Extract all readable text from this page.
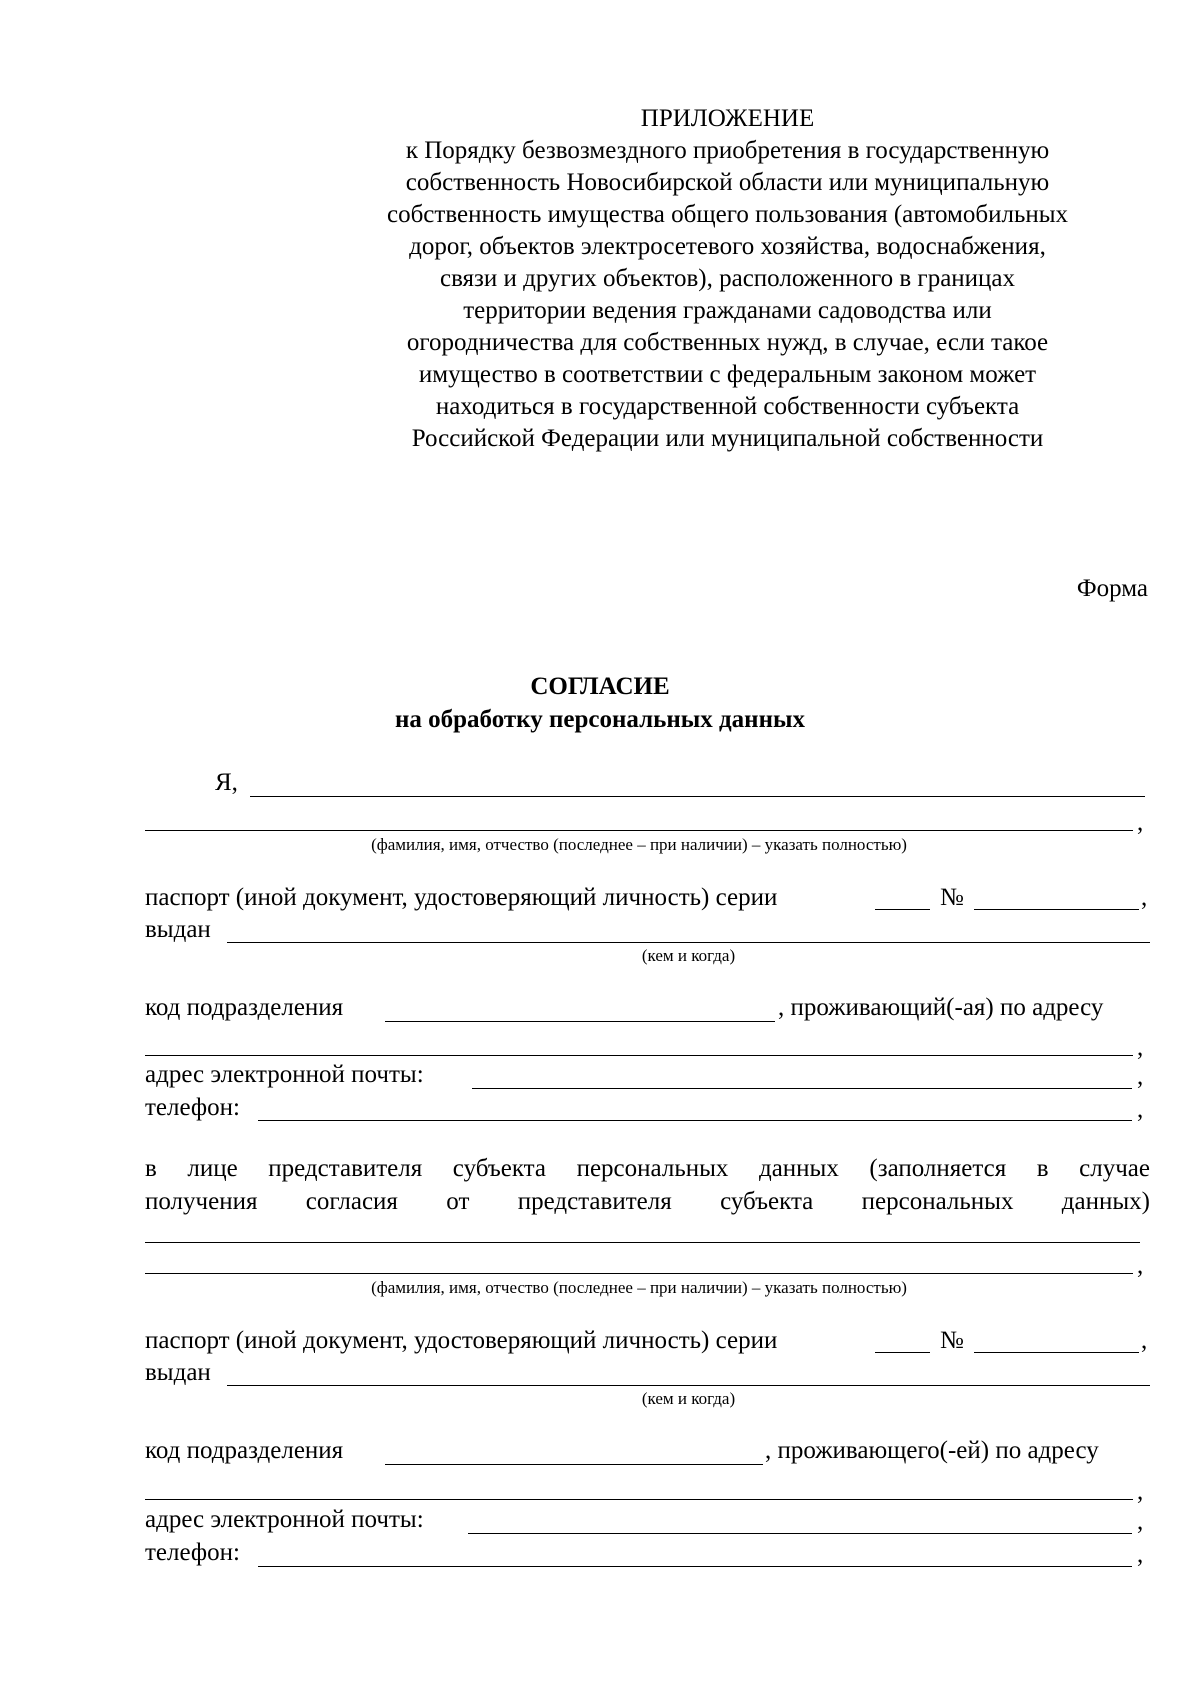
ПРИЛОЖЕНИЕ
к Порядку безвозмездного приобретения в государственную
собственность Новосибирской области или муниципальную
собственность имущества общего пользования (автомобильных
дорог, объектов электросетевого хозяйства, водоснабжения,
связи и других объектов), расположенного в границах
территории ведения гражданами садоводства или
огородничества для собственных нужд, в случае, если такое
имущество в соответствии с федеральным законом может
находиться в государственной собственности субъекта
Российской Федерации или муниципальной собственности
Форма
СОГЛАСИЕ
на обработку персональных данных
Я,
,
(фамилия, имя, отчество (последнее – при наличии) – указать полностью)
паспорт (иной документ, удостоверяющий личность) серии	№	,
выдан
(кем и когда)
код подразделения	, проживающий(-ая) по адресу
,
адрес электронной почты:	,
телефон:	,
в лице представителя субъекта персональных данных (заполняется в случае
получения согласия от представителя субъекта персональных данных)
,
(фамилия, имя, отчество (последнее – при наличии) – указать полностью)
паспорт (иной документ, удостоверяющий личность) серии	№	,
выдан
(кем и когда)
код подразделения	, проживающего(-ей) по адресу
,
адрес электронной почты:	,
телефон:	,
